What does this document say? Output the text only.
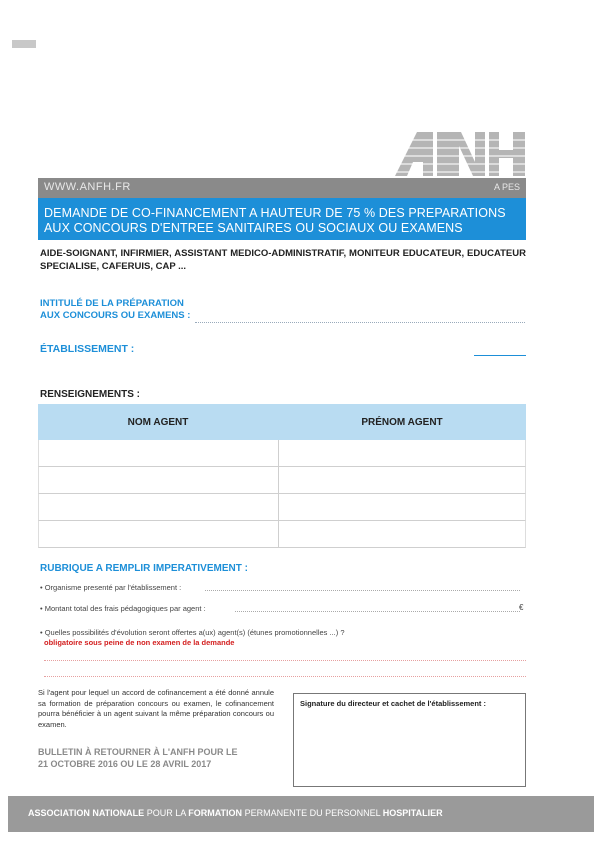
WWW.ANFH.FR	A PES
DEMANDE DE CO-FINANCEMENT A HAUTEUR DE 75 % DES PREPARATIONS
AUX CONCOURS D'ENTREE SANITAIRES OU SOCIAUX OU EXAMENS
AIDE-SOIGNANT, INFIRMIER, ASSISTANT MEDICO-ADMINISTRATIF, MONITEUR EDUCATEUR, EDUCATEUR SPECIALISE, CAFERUIS, CAP ...
INTITULÉ DE LA PRÉPARATION
AUX CONCOURS OU EXAMENS :
ÉTABLISSEMENT :
RENSEIGNEMENTS :
NOM AGENT	PRÉNOM AGENT
RUBRIQUE A REMPLIR IMPERATIVEMENT :
• Organisme presenté par l'établissement :
• Montant total des frais pédagogiques par agent :	€
• Quelles possibilités d'évolution seront offertes a(ux) agent(s) (étunes promotionnelles ...) ?
obligatoire sous peine de non examen de la demande
Si l'agent pour lequel un accord de cofinancement a été donné annule sa formation de préparation concours ou examen, le cofinancement pourra bénéficier à un agent suivant la même préparation concours ou examen.
BULLETIN À RETOURNER À L'ANFH POUR LE
21 OCTOBRE 2016 OU LE 28 AVRIL 2017
Signature du directeur et cachet de l'établissement :
ASSOCIATION NATIONALE POUR LA FORMATION PERMANENTE DU PERSONNEL HOSPITALIER
